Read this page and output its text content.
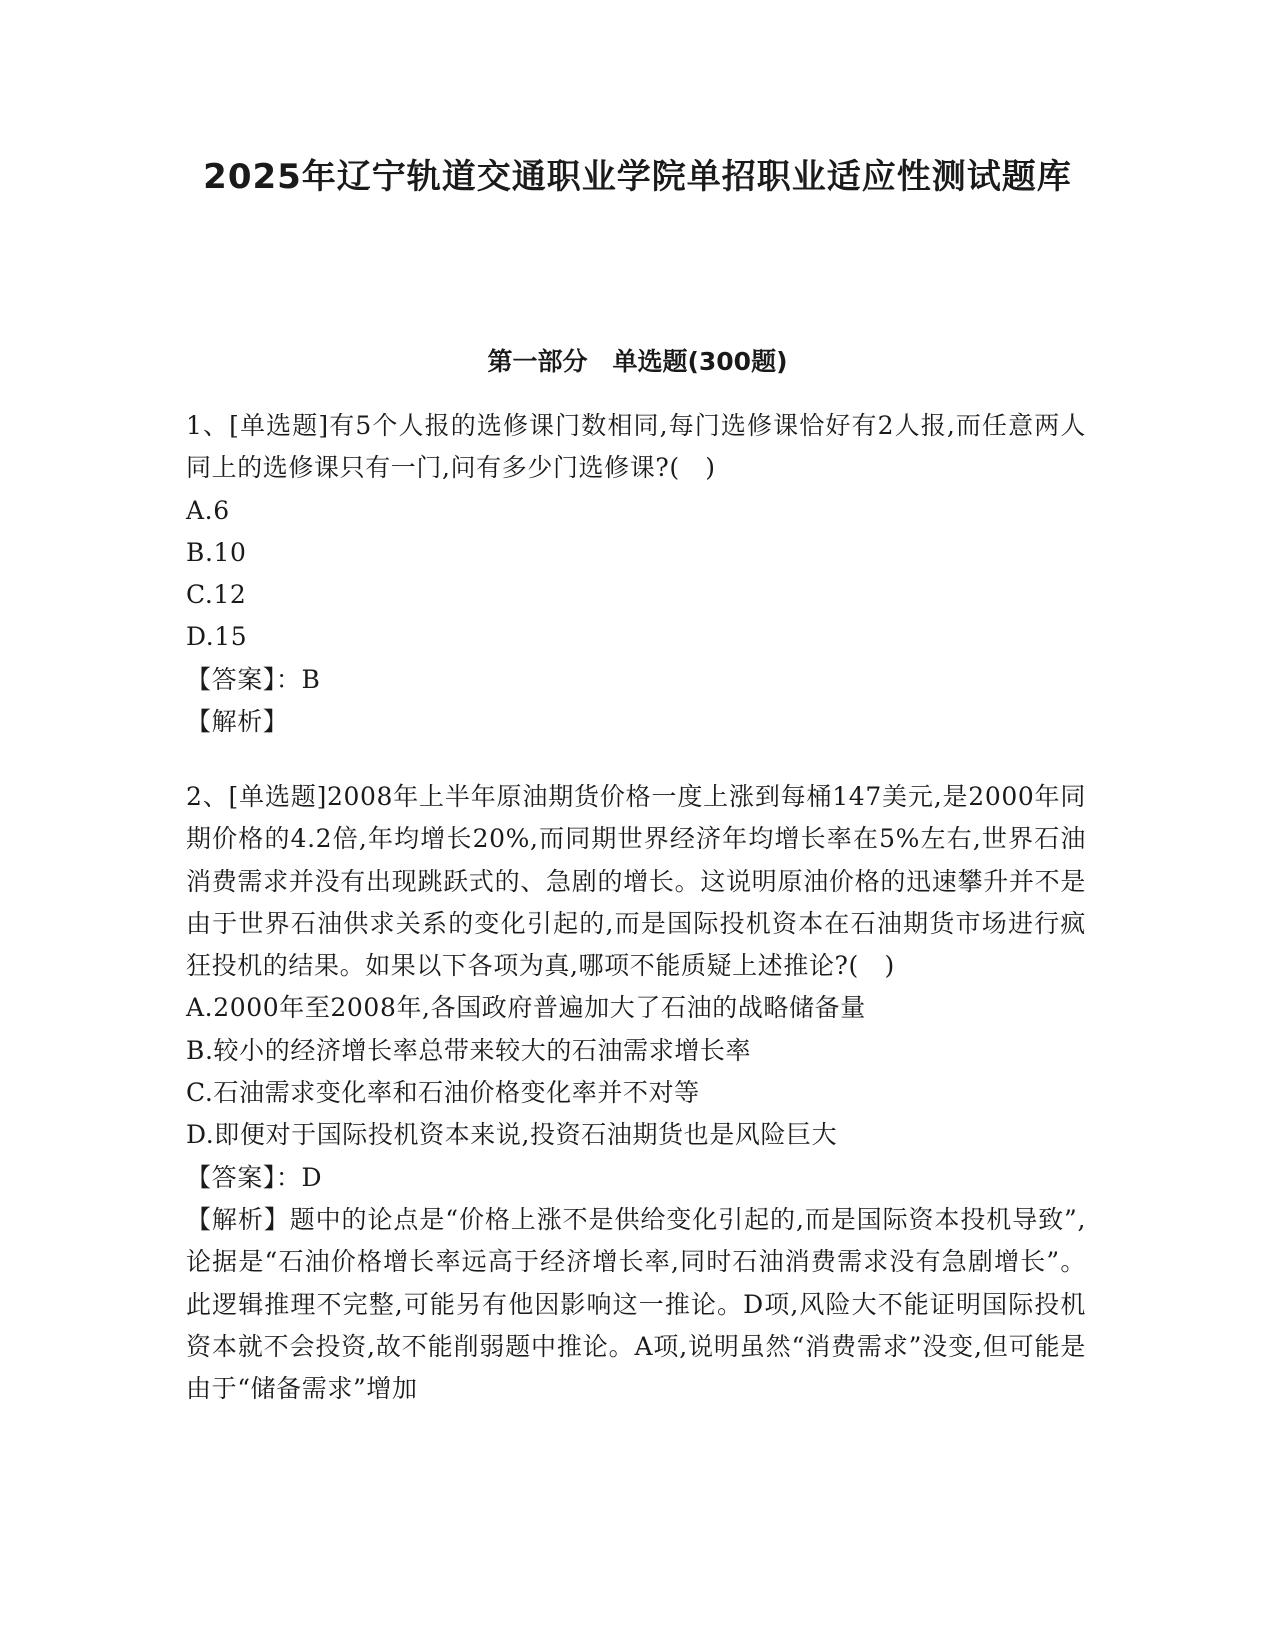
2025年辽宁轨道交通职业学院单招职业适应性测试题库
第一部分　单选题(300题)

1、[单选题]有5个人报的选修课门数相同,每门选修课恰好有2人报,而任意两人同上的选修课只有一门,问有多少门选修课?(　)

A.6

B.10

C.12

D.15

【答案】：B

【解析】

2、[单选题]2008年上半年原油期货价格一度上涨到每桶147美元,是2000年同期价格的4.2倍,年均增长20%,而同期世界经济年均增长率在5%左右,世界石油消费需求并没有出现跳跃式的、急剧的增长。这说明原油价格的迅速攀升并不是由于世界石油供求关系的变化引起的,而是国际投机资本在石油期货市场进行疯狂投机的结果。如果以下各项为真,哪项不能质疑上述推论?(　)

A.2000年至2008年,各国政府普遍加大了石油的战略储备量

B.较小的经济增长率总带来较大的石油需求增长率

C.石油需求变化率和石油价格变化率并不对等

D.即便对于国际投机资本来说,投资石油期货也是风险巨大

【答案】：D

【解析】题中的论点是“价格上涨不是供给变化引起的,而是国际资本投机导致”,论据是“石油价格增长率远高于经济增长率,同时石油消费需求没有急剧增长”。此逻辑推理不完整,可能另有他因影响这一推论。D项,风险大不能证明国际投机资本就不会投资,故不能削弱题中推论。A项,说明虽然“消费需求”没变,但可能是由于“储备需求”增加
